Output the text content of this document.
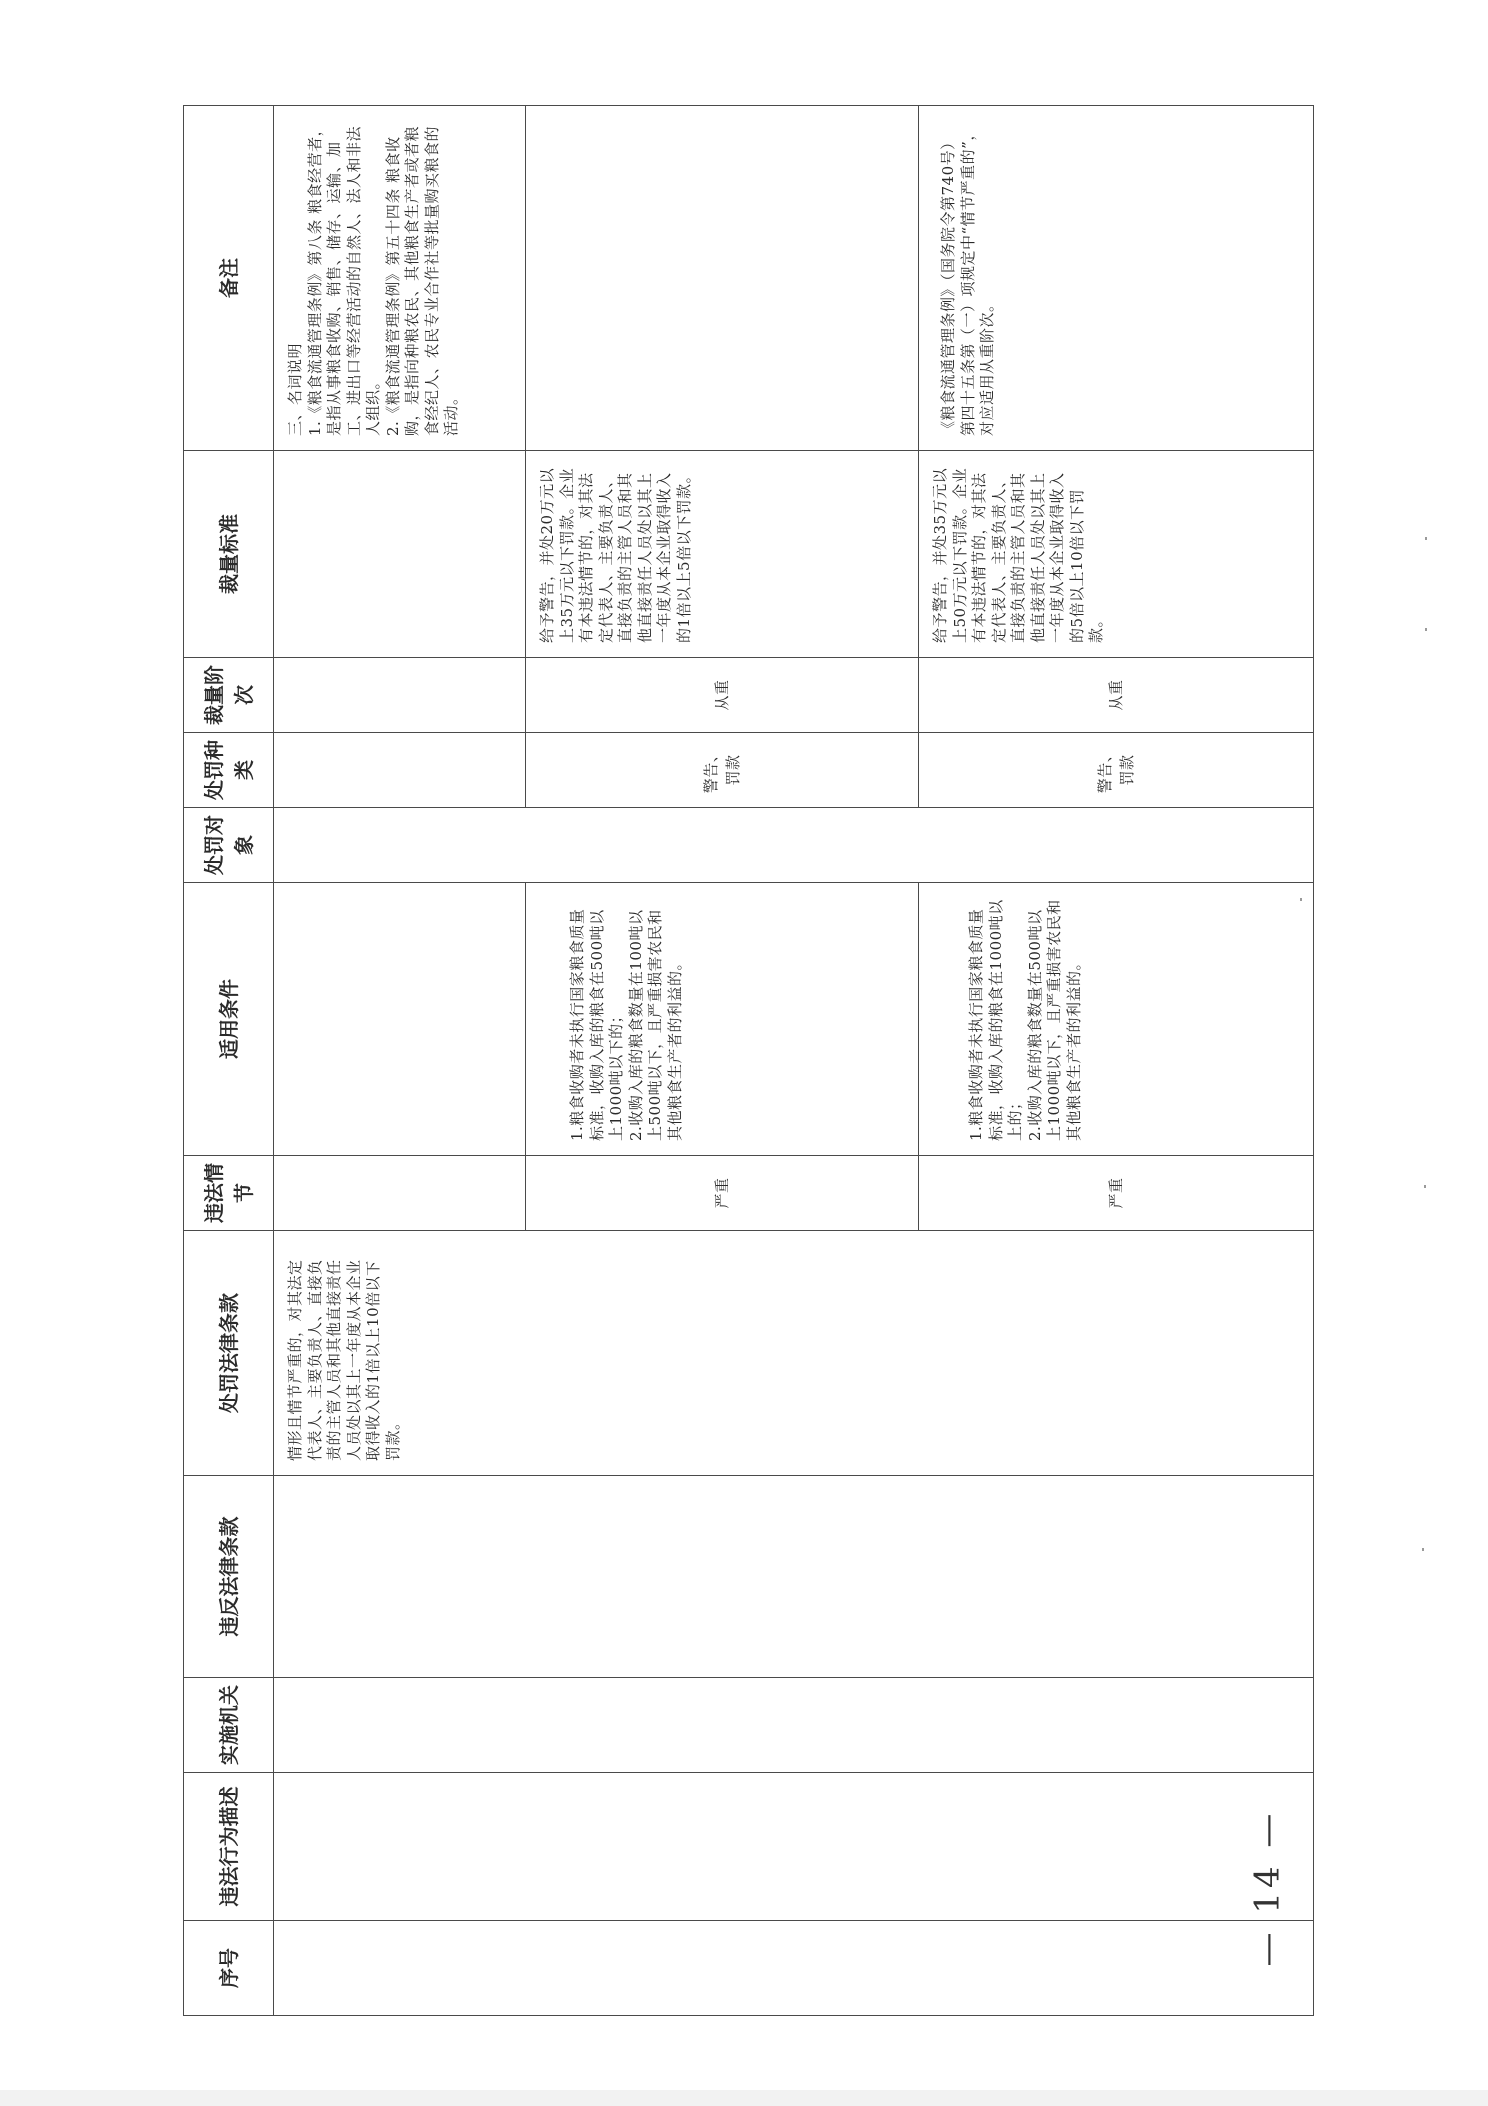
序号	违法行为描述	实施机关	违反法律条款	处罚法律条款	违法情节	适用条件	处罚对象	处罚种类	裁量阶次	裁量标准	备注

				情形且情节严重的，对其法定代表人、主要负责人、直接负责的主管人员和其他直接责任人员处以其上一年度从本企业取得收入的1倍以上10倍以下罚款。							三、名词说明
1.《粮食流通管理条例》第八条 粮食经营者，是指从事粮食收购、销售、储存、运输、加工、进出口等经营活动的自然人、法人和非法人组织。
2.《粮食流通管理条例》第五十四条 粮食收购，是指向种粮农民、其他粮食生产者或者粮食经纪人、农民专业合作社等批量购买粮食的活动。

					严重	1.粮食收购者未执行国家粮食质量标准，收购入库的粮食在500吨以上1000吨以下的；
2.收购入库的粮食数量在100吨以上500吨以下，且严重损害农民和其他粮食生产者的利益的。		警告、罚款	从重	给予警告，并处20万元以上35万元以下罚款。企业有本违法情节的，对其法定代表人、主要负责人、直接负责的主管人员和其他直接责任人员处以其上一年度从本企业取得收入的1倍以上5倍以下罚款。	

					严重	1.粮食收购者未执行国家粮食质量标准，收购入库的粮食在1000吨以上的；
2.收购入库的粮食数量在500吨以上1000吨以下，且严重损害农民和其他粮食生产者的利益的。		警告、罚款	从重	给予警告，并处35万元以上50万元以下罚款。企业有本违法情节的，对其法定代表人、主要负责人、直接负责的主管人员和其他直接责任人员处以其上一年度从本企业取得收入的5倍以上10倍以下罚款。	《粮食流通管理条例》（国务院令第740号）第四十五条第（一）项规定中“情节严重的”，对应适用从重阶次。
— 14 —
